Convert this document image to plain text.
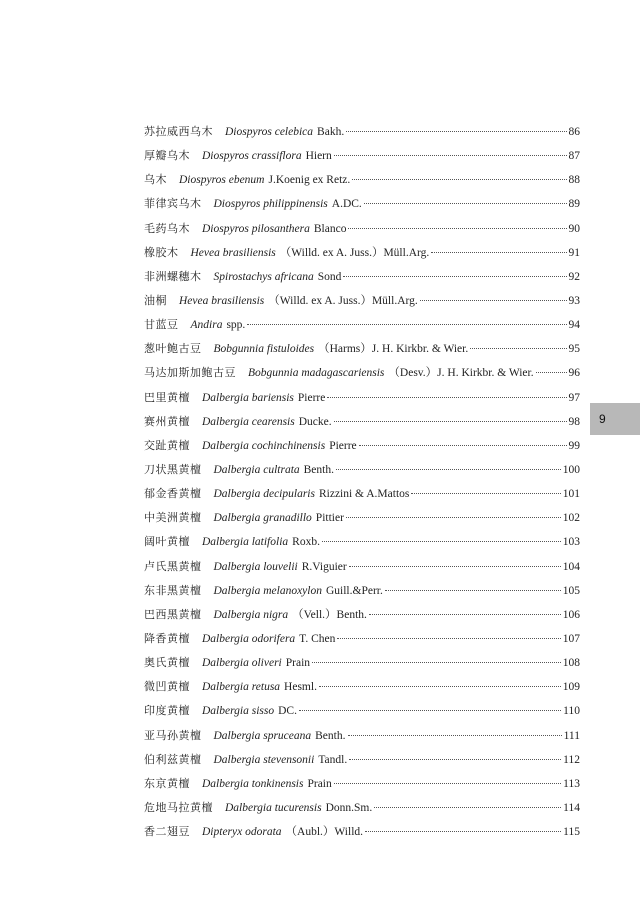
苏拉威西乌木 Diospyros celebica Bakh.	86
厚瓣乌木 Diospyros crassiflora Hiern	87
乌木 Diospyros ebenum J.Koenig ex Retz.	88
菲律宾乌木 Diospyros philippinensis A.DC.	89
毛药乌木 Diospyros pilosanthera Blanco	90
橡胶木 Hevea brasiliensis （Willd. ex A. Juss.）Müll.Arg.	91
非洲螺穗木 Spirostachys africana Sond	92
油桐 Hevea brasiliensis （Willd. ex A. Juss.）Müll.Arg.	93
甘蓝豆 Andira spp.	94
葱叶鲍古豆 Bobgunnia fistuloides （Harms）J. H. Kirkbr. & Wier.	95
马达加斯加鲍古豆 Bobgunnia madagascariensis （Desv.）J. H. Kirkbr. & Wier.	96
巴里黄檀 Dalbergia bariensis Pierre	97
赛州黄檀 Dalbergia cearensis Ducke.	98
交趾黄檀 Dalbergia cochinchinensis Pierre	99
刀状黑黄檀 Dalbergia cultrata Benth.	100
郁金香黄檀 Dalbergia decipularis Rizzini & A.Mattos	101
中美洲黄檀 Dalbergia granadillo Pittier	102
阔叶黄檀 Dalbergia latifolia Roxb.	103
卢氏黑黄檀 Dalbergia louvelii R.Viguier	104
东非黑黄檀 Dalbergia melanoxylon Guill.&Perr.	105
巴西黑黄檀 Dalbergia nigra （Vell.）Benth.	106
降香黄檀 Dalbergia odorifera T. Chen	107
奥氏黄檀 Dalbergia oliveri Prain	108
微凹黄檀 Dalbergia retusa Hesml.	109
印度黄檀 Dalbergia sisso DC.	110
亚马孙黄檀 Dalbergia spruceana Benth.	111
伯利兹黄檀 Dalbergia stevensonii Tandl.	112
东京黄檀 Dalbergia tonkinensis Prain	113
危地马拉黄檀 Dalbergia tucurensis Donn.Sm.	114
香二翅豆 Dipteryx odorata （Aubl.）Willd.	115
9
